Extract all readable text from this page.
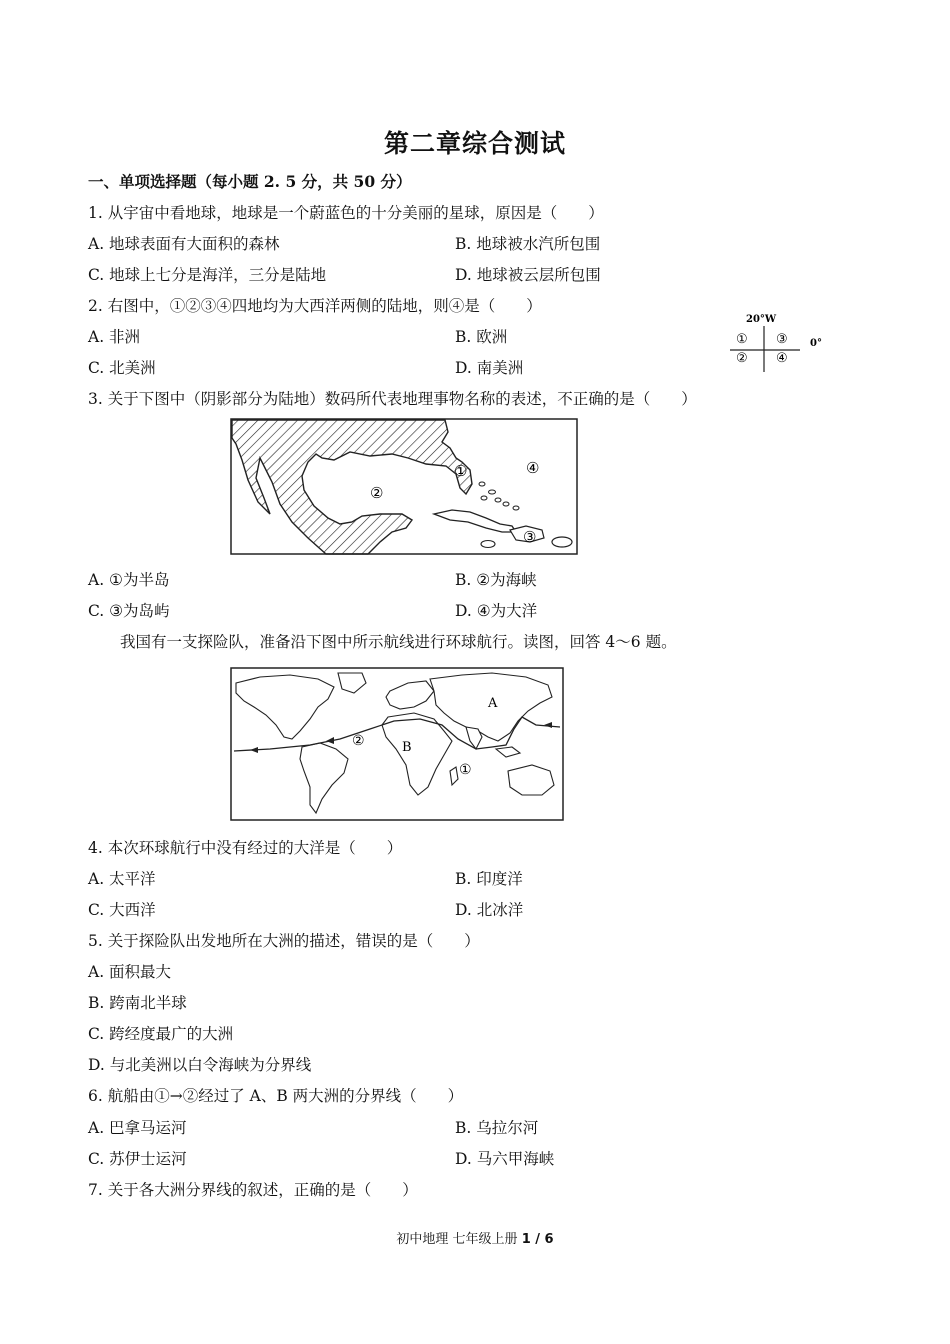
第二章综合测试
一、单项选择题（每小题 2. 5 分，共 50 分）
1. 从宇宙中看地球，地球是一个蔚蓝色的十分美丽的星球，原因是（　　）
A. 地球表面有大面积的森林	B. 地球被水汽所包围
C. 地球上七分是海洋，三分是陆地	D. 地球被云层所包围
2. 右图中，①②③④四地均为大西洋两侧的陆地，则④是（　　）
A. 非洲	B. 欧洲
C. 北美洲	D. 南美洲
20°W
① ③
② ④
0°
3. 关于下图中（阴影部分为陆地）数码所代表地理事物名称的表述，不正确的是（　　）
①
②
③
④
A. ①为半岛	B. ②为海峡
C. ③为岛屿	D. ④为大洋
我国有一支探险队，准备沿下图中所示航线进行环球航行。读图，回答 4～6 题。
A
B
①
②
4. 本次环球航行中没有经过的大洋是（　　）
A. 太平洋	B. 印度洋
C. 大西洋	D. 北冰洋
5. 关于探险队出发地所在大洲的描述，错误的是（　　）
A. 面积最大
B. 跨南北半球
C. 跨经度最广的大洲
D. 与北美洲以白令海峡为分界线
6. 航船由①→②经过了 A、B 两大洲的分界线（　　）
A. 巴拿马运河	B. 乌拉尔河
C. 苏伊士运河	D. 马六甲海峡
7. 关于各大洲分界线的叙述，正确的是（　　）
初中地理 七年级上册 1 / 6
